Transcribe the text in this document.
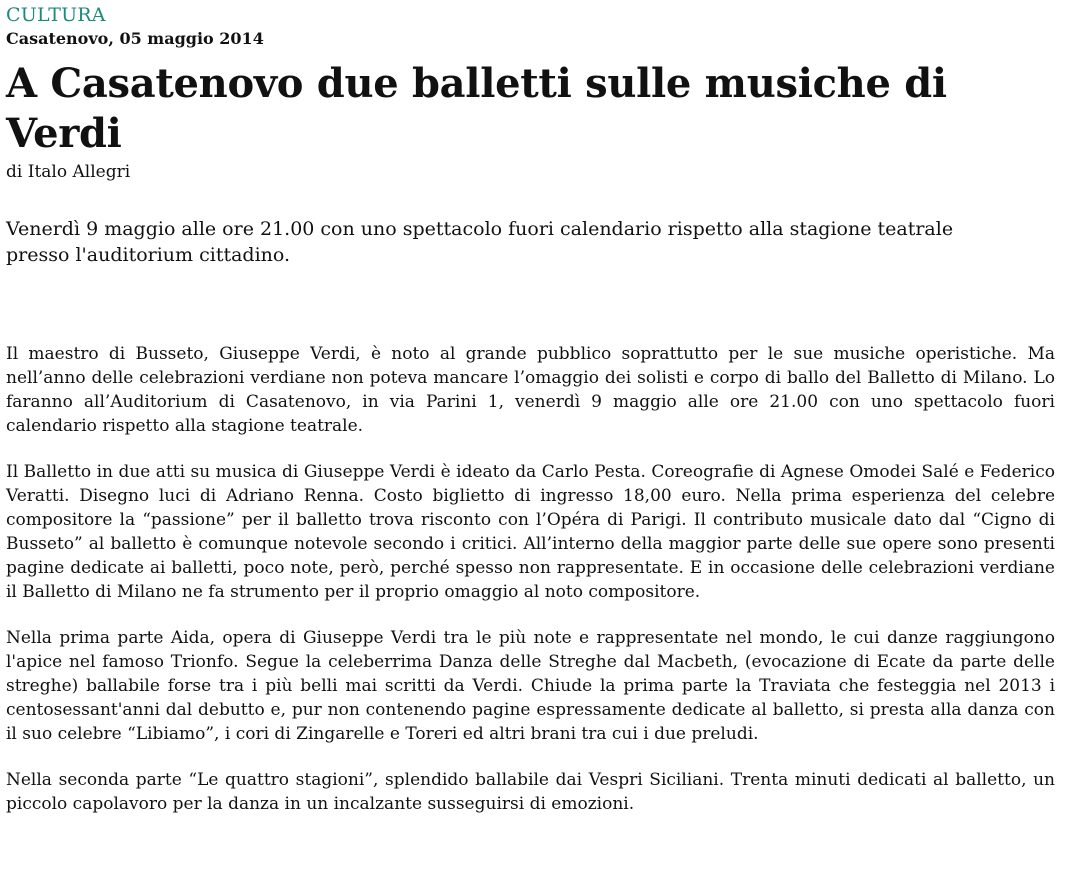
CULTURA
Casatenovo, 05 maggio 2014
A Casatenovo due balletti sulle musiche di Verdi
di Italo Allegri
Venerdì 9 maggio alle ore 21.00 con uno spettacolo fuori calendario rispetto alla stagione teatrale presso l'auditorium cittadino.

Il maestro di Busseto, Giuseppe Verdi, è noto al grande pubblico soprattutto per le sue musiche operistiche. Ma nell’anno delle celebrazioni verdiane non poteva mancare l’omaggio dei solisti e corpo di ballo del Balletto di Milano. Lo faranno all’Auditorium di Casatenovo, in via Parini 1, venerdì 9 maggio alle ore 21.00 con uno spettacolo fuori calendario rispetto alla stagione teatrale.

Il Balletto in due atti su musica di Giuseppe Verdi è ideato da Carlo Pesta. Coreografie di Agnese Omodei Salé e Federico Veratti. Disegno luci di Adriano Renna. Costo biglietto di ingresso 18,00 euro. Nella prima esperienza del celebre compositore la “passione” per il balletto trova risconto con l’Opéra di Parigi. Il contributo musicale dato dal “Cigno di Busseto” al balletto è comunque notevole secondo i critici. All’interno della maggior parte delle sue opere sono presenti pagine dedicate ai balletti, poco note, però, perché spesso non rappresentate. E in occasione delle celebrazioni verdiane il Balletto di Milano ne fa strumento per il proprio omaggio al noto compositore.

Nella prima parte Aida, opera di Giuseppe Verdi tra le più note e rappresentate nel mondo, le cui danze raggiungono l'apice nel famoso Trionfo. Segue la celeberrima Danza delle Streghe dal Macbeth, (evocazione di Ecate da parte delle streghe) ballabile forse tra i più belli mai scritti da Verdi. Chiude la prima parte la Traviata che festeggia nel 2013 i centosessant'anni dal debutto e, pur non contenendo pagine espressamente dedicate al balletto, si presta alla danza con il suo celebre “Libiamo”, i cori di Zingarelle e Toreri ed altri brani tra cui i due preludi.

Nella seconda parte “Le quattro stagioni”, splendido ballabile dai Vespri Siciliani. Trenta minuti dedicati al balletto, un piccolo capolavoro per la danza in un incalzante susseguirsi di emozioni.
